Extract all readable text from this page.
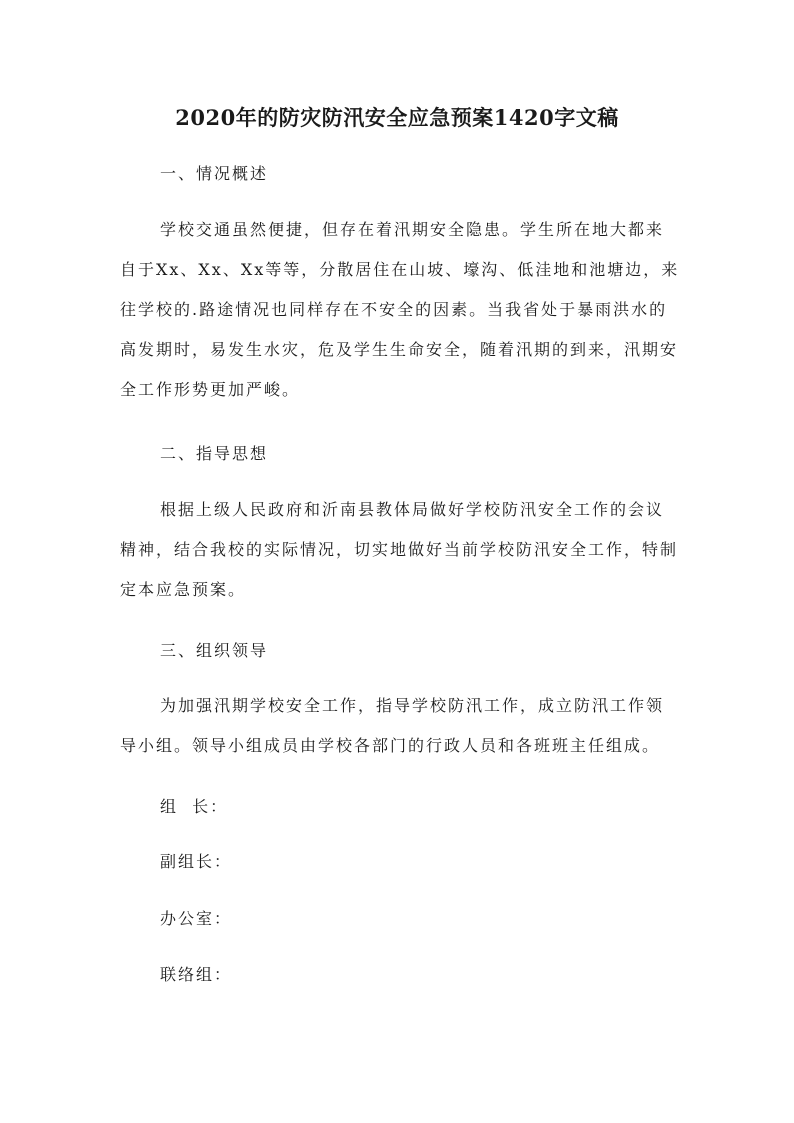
2020年的防灾防汛安全应急预案1420字文稿
一、情况概述
学校交通虽然便捷，但存在着汛期安全隐患。学生所在地大都来自于Xx、Xx、Xx等等，分散居住在山坡、壕沟、低洼地和池塘边，来往学校的.路途情况也同样存在不安全的因素。当我省处于暴雨洪水的高发期时，易发生水灾，危及学生生命安全，随着汛期的到来，汛期安全工作形势更加严峻。
二、指导思想
根据上级人民政府和沂南县教体局做好学校防汛安全工作的会议精神，结合我校的实际情况，切实地做好当前学校防汛安全工作，特制定本应急预案。
三、组织领导
为加强汛期学校安全工作，指导学校防汛工作，成立防汛工作领导小组。领导小组成员由学校各部门的行政人员和各班班主任组成。
组  长：
副组长：
办公室：
联络组：
